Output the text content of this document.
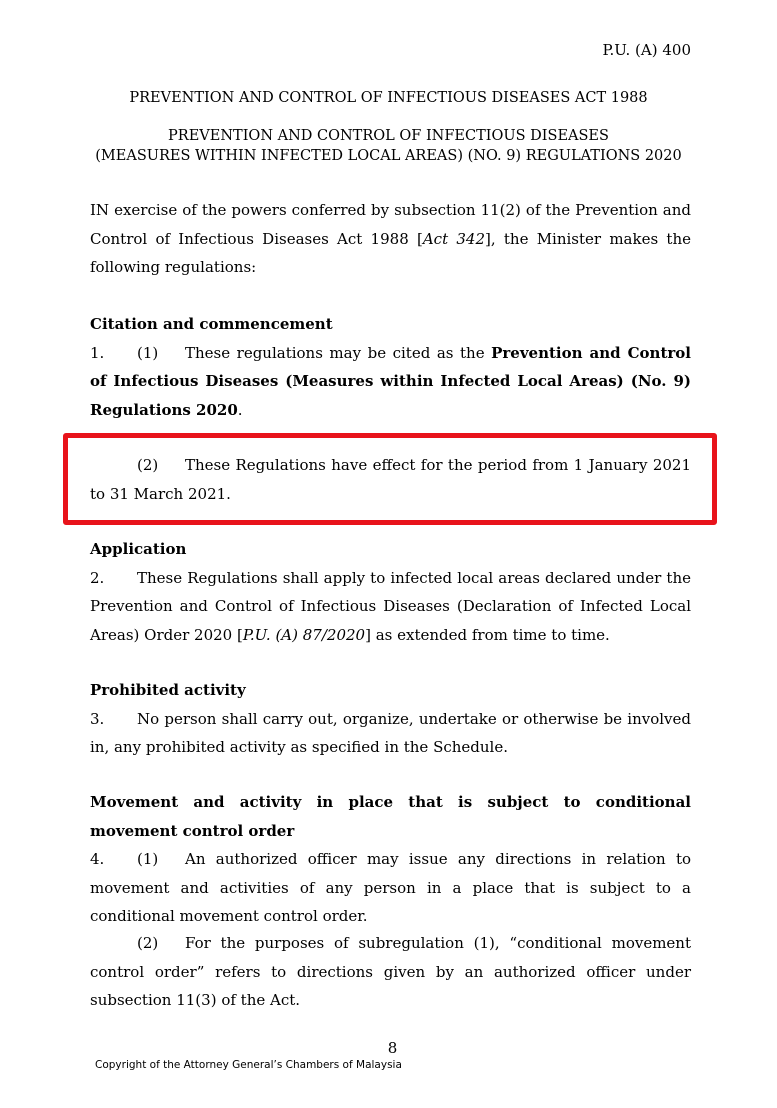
P.U. (A) 400
PREVENTION AND CONTROL OF INFECTIOUS DISEASES ACT 1988
PREVENTION AND CONTROL OF INFECTIOUS DISEASES
(MEASURES WITHIN INFECTED LOCAL AREAS) (NO. 9) REGULATIONS 2020

IN exercise of the powers conferred by subsection 11(2) of the Prevention and Control of Infectious Diseases Act 1988 [Act 342], the Minister makes the following regulations:

Citation and commencement

1. (1) These regulations may be cited as the Prevention and Control of Infectious Diseases (Measures within Infected Local Areas) (No. 9) Regulations 2020.

(2) These Regulations have effect for the period from 1 January 2021 to 31 March 2021.

Application

2. These Regulations shall apply to infected local areas declared under the Prevention and Control of Infectious Diseases (Declaration of Infected Local Areas) Order 2020 [P.U. (A) 87/2020] as extended from time to time.

Prohibited activity

3. No person shall carry out, organize, undertake or otherwise be involved in, any prohibited activity as specified in the Schedule.

Movement and activity in place that is subject to conditional movement control order

4. (1) An authorized officer may issue any directions in relation to movement and activities of any person in a place that is subject to a conditional movement control order.

(2) For the purposes of subregulation (1), “conditional movement control order” refers to directions given by an authorized officer under subsection 11(3) of the Act.

8
Copyright of the Attorney General’s Chambers of Malaysia
